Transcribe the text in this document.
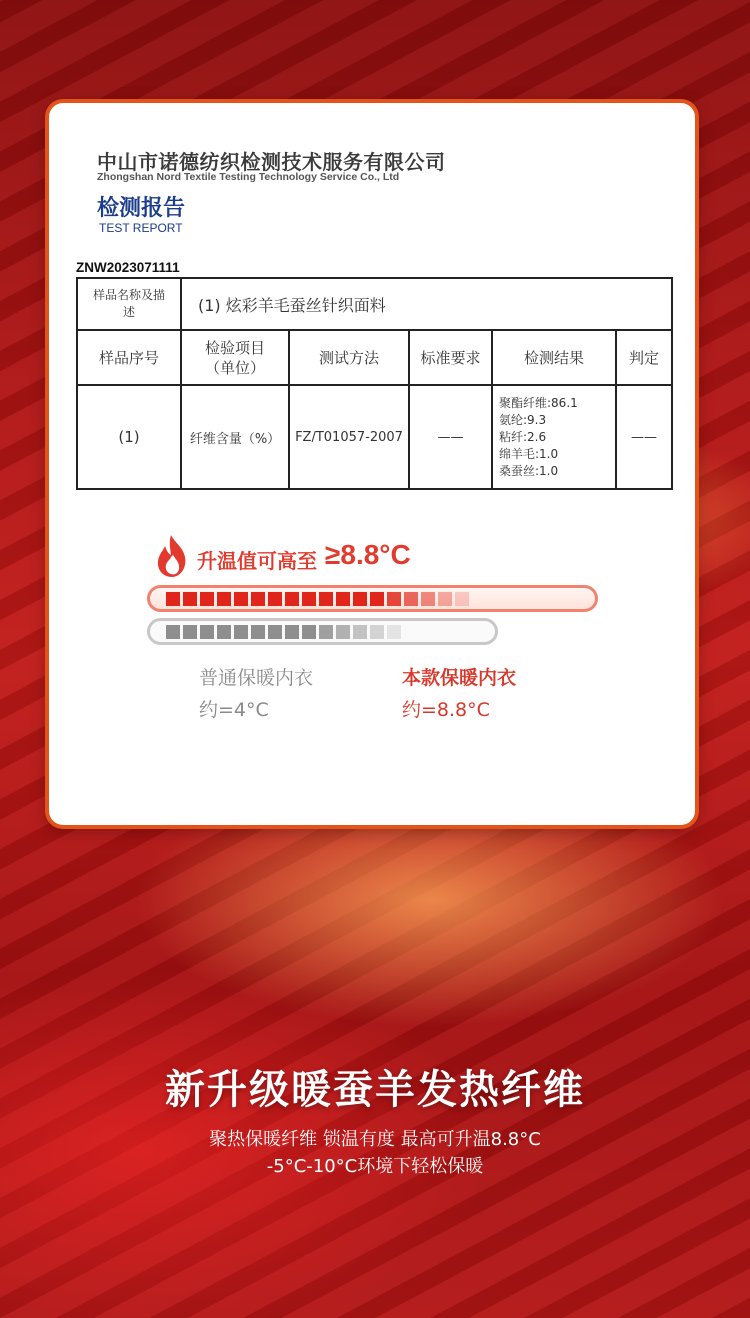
中山市诺德纺织检测技术服务有限公司
Zhongshan Nord Textile Testing Technology Service Co., Ltd
检测报告
TEST REPORT
ZNW2023071111
样品名称及描述	(1) 炫彩羊毛蚕丝针织面料				
样品序号	检验项目（单位）	测试方法	标准要求	检测结果	判定
(1)	纤维含量（%）	FZ/T01057-2007	——	聚酯纤维:86.1
氨纶:9.3
粘纤:2.6
绵羊毛:1.0
桑蚕丝:1.0	——
升温值可高至 ≥8.8°C
普通保暖内衣
约=4°C
本款保暖内衣
约=8.8°C
新升级暖蚕羊发热纤维
聚热保暖纤维 锁温有度 最高可升温8.8°C
-5°C-10°C环境下轻松保暖
